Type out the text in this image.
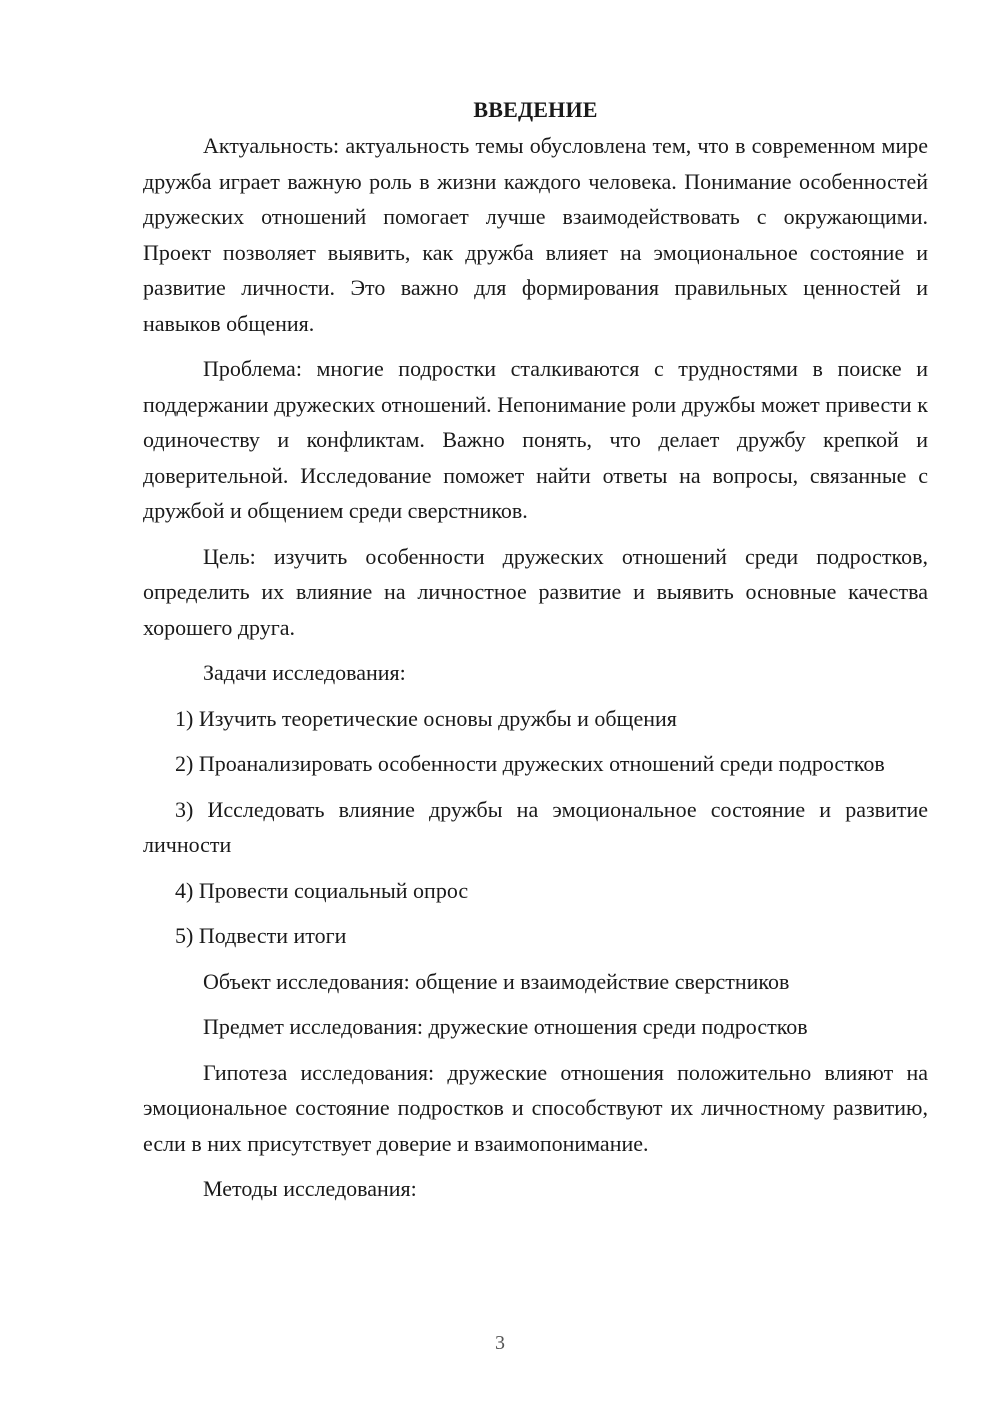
ВВЕДЕНИЕ

Актуальность: актуальность темы обусловлена тем, что в современном мире дружба играет важную роль в жизни каждого человека. Понимание особенностей дружеских отношений помогает лучше взаимодействовать с окружающими. Проект позволяет выявить, как дружба влияет на эмоциональное состояние и развитие личности. Это важно для формирования правильных ценностей и навыков общения.

Проблема: многие подростки сталкиваются с трудностями в поиске и поддержании дружеских отношений. Непонимание роли дружбы может привести к одиночеству и конфликтам. Важно понять, что делает дружбу крепкой и доверительной. Исследование поможет найти ответы на вопросы, связанные с дружбой и общением среди сверстников.

Цель: изучить особенности дружеских отношений среди подростков, определить их влияние на личностное развитие и выявить основные качества хорошего друга.

Задачи исследования:

1) Изучить теоретические основы дружбы и общения

2) Проанализировать особенности дружеских отношений среди подростков

3) Исследовать влияние дружбы на эмоциональное состояние и развитие личности

4) Провести социальный опрос

5) Подвести итоги

Объект исследования: общение и взаимодействие сверстников

Предмет исследования: дружеские отношения среди подростков

Гипотеза исследования: дружеские отношения положительно влияют на эмоциональное состояние подростков и способствуют их личностному развитию, если в них присутствует доверие и взаимопонимание.

Методы исследования:

3
